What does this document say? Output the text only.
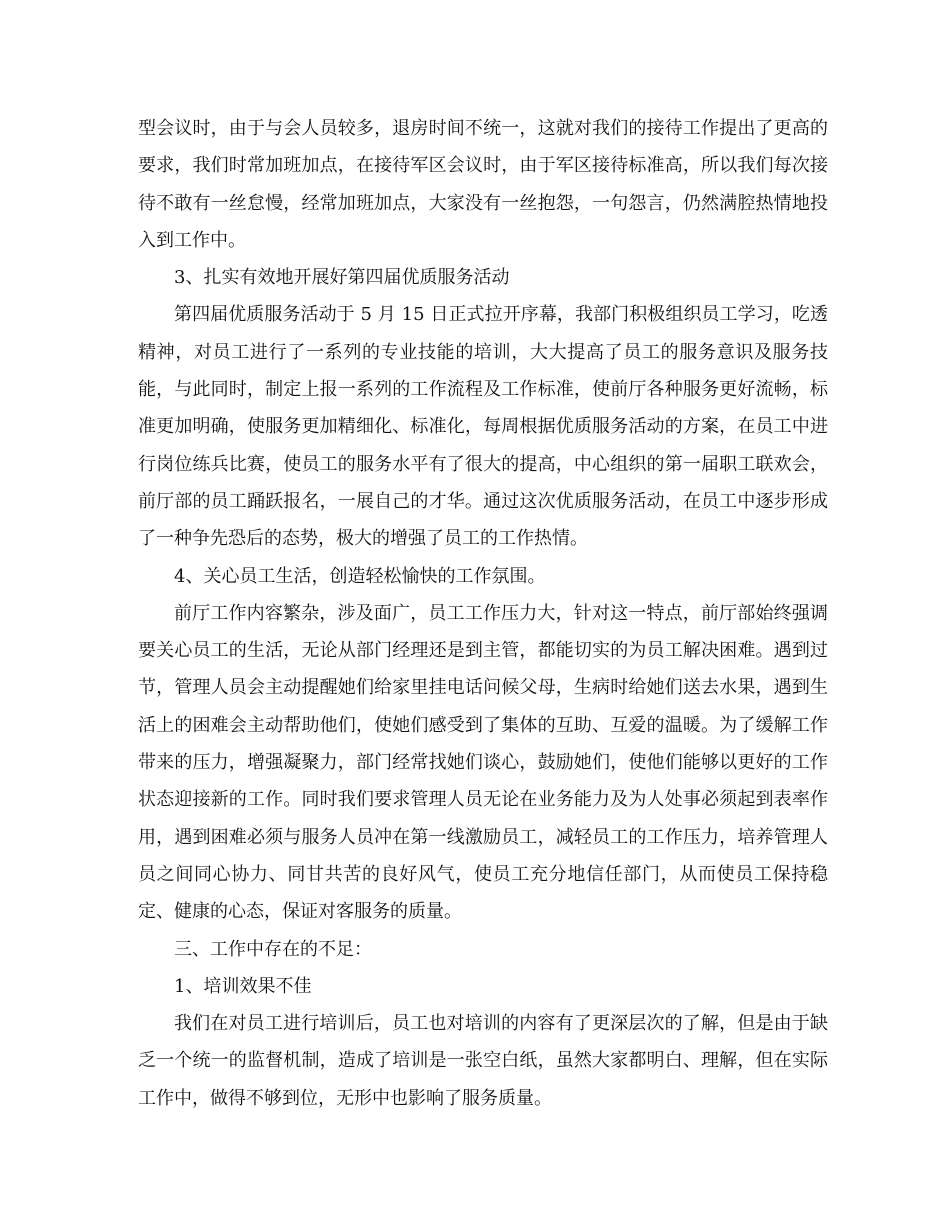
型会议时，由于与会人员较多，退房时间不统一，这就对我们的接待工作提出了更高的要求，我们时常加班加点，在接待军区会议时，由于军区接待标准高，所以我们每次接待不敢有一丝怠慢，经常加班加点，大家没有一丝抱怨，一句怨言，仍然满腔热情地投入到工作中。

3、扎实有效地开展好第四届优质服务活动

第四届优质服务活动于 5 月 15 日正式拉开序幕，我部门积极组织员工学习，吃透精神，对员工进行了一系列的专业技能的培训，大大提高了员工的服务意识及服务技能，与此同时，制定上报一系列的工作流程及工作标准，使前厅各种服务更好流畅，标准更加明确，使服务更加精细化、标准化，每周根据优质服务活动的方案，在员工中进行岗位练兵比赛，使员工的服务水平有了很大的提高，中心组织的第一届职工联欢会，前厅部的员工踊跃报名，一展自己的才华。通过这次优质服务活动，在员工中逐步形成了一种争先恐后的态势，极大的增强了员工的工作热情。

4、关心员工生活，创造轻松愉快的工作氛围。

前厅工作内容繁杂，涉及面广，员工工作压力大，针对这一特点，前厅部始终强调要关心员工的生活，无论从部门经理还是到主管，都能切实的为员工解决困难。遇到过节，管理人员会主动提醒她们给家里挂电话问候父母，生病时给她们送去水果，遇到生活上的困难会主动帮助他们，使她们感受到了集体的互助、互爱的温暖。为了缓解工作带来的压力，增强凝聚力，部门经常找她们谈心，鼓励她们，使他们能够以更好的工作状态迎接新的工作。同时我们要求管理人员无论在业务能力及为人处事必须起到表率作用，遇到困难必须与服务人员冲在第一线激励员工，减轻员工的工作压力，培养管理人员之间同心协力、同甘共苦的良好风气，使员工充分地信任部门，从而使员工保持稳定、健康的心态，保证对客服务的质量。

三、工作中存在的不足：

1、培训效果不佳

我们在对员工进行培训后，员工也对培训的内容有了更深层次的了解，但是由于缺乏一个统一的监督机制，造成了培训是一张空白纸，虽然大家都明白、理解，但在实际工作中，做得不够到位，无形中也影响了服务质量。
